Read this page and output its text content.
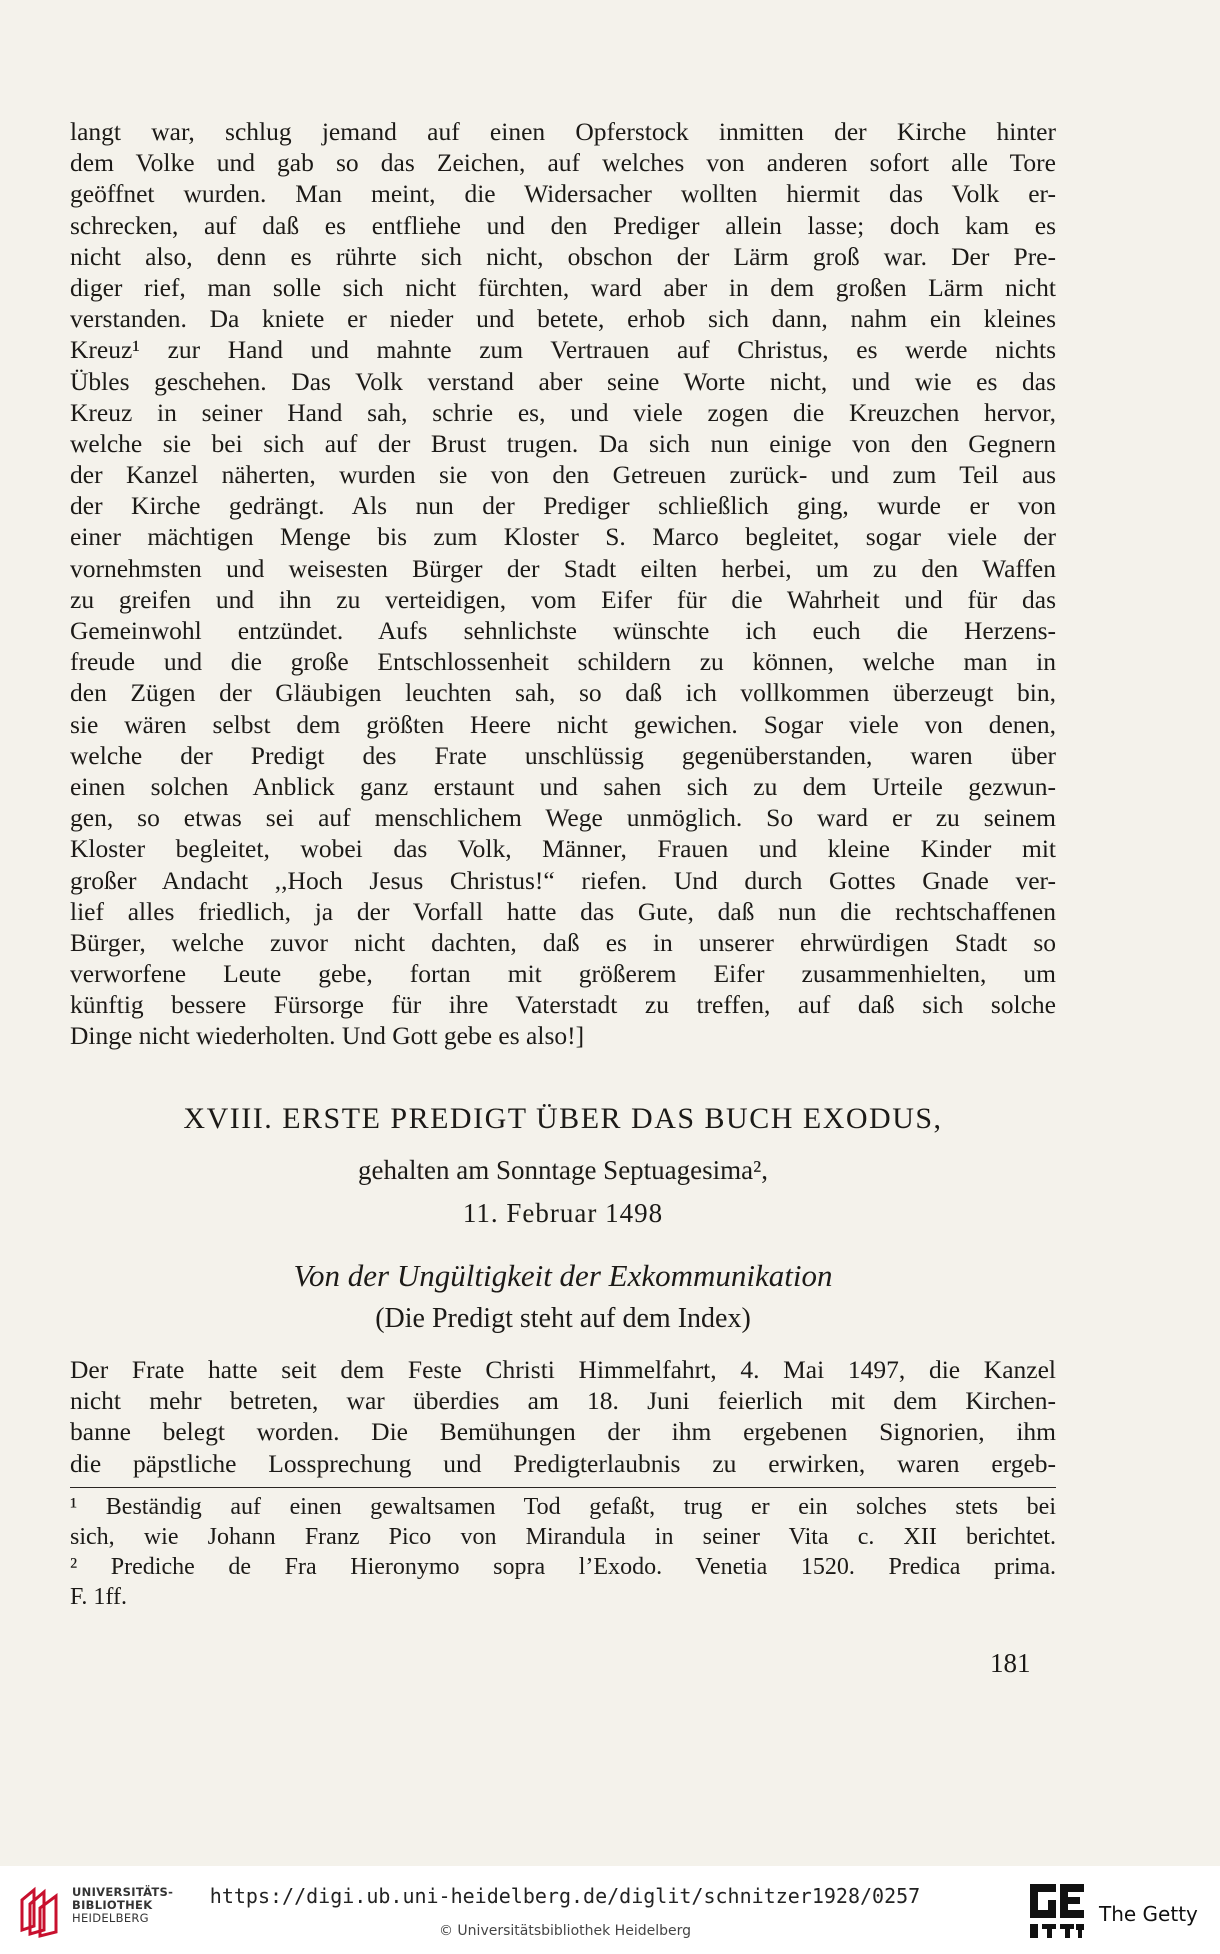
langt war, schlug jemand auf einen Opferstock inmitten der Kirche hinter
dem Volke und gab so das Zeichen, auf welches von anderen sofort alle Tore
geöffnet wurden. Man meint, die Widersacher wollten hiermit das Volk er-
schrecken, auf daß es entfliehe und den Prediger allein lasse; doch kam es
nicht also, denn es rührte sich nicht, obschon der Lärm groß war. Der Pre-
diger rief, man solle sich nicht fürchten, ward aber in dem großen Lärm nicht
verstanden. Da kniete er nieder und betete, erhob sich dann, nahm ein kleines
Kreuz¹ zur Hand und mahnte zum Vertrauen auf Christus, es werde nichts
Übles geschehen. Das Volk verstand aber seine Worte nicht, und wie es das
Kreuz in seiner Hand sah, schrie es, und viele zogen die Kreuzchen hervor,
welche sie bei sich auf der Brust trugen. Da sich nun einige von den Gegnern
der Kanzel näherten, wurden sie von den Getreuen zurück- und zum Teil aus
der Kirche gedrängt. Als nun der Prediger schließlich ging, wurde er von
einer mächtigen Menge bis zum Kloster S. Marco begleitet, sogar viele der
vornehmsten und weisesten Bürger der Stadt eilten herbei, um zu den Waffen
zu greifen und ihn zu verteidigen, vom Eifer für die Wahrheit und für das
Gemeinwohl entzündet. Aufs sehnlichste wünschte ich euch die Herzens-
freude und die große Entschlossenheit schildern zu können, welche man in
den Zügen der Gläubigen leuchten sah, so daß ich vollkommen überzeugt bin,
sie wären selbst dem größten Heere nicht gewichen. Sogar viele von denen,
welche der Predigt des Frate unschlüssig gegenüberstanden, waren über
einen solchen Anblick ganz erstaunt und sahen sich zu dem Urteile gezwun-
gen, so etwas sei auf menschlichem Wege unmöglich. So ward er zu seinem
Kloster begleitet, wobei das Volk, Männer, Frauen und kleine Kinder mit
großer Andacht ,,Hoch Jesus Christus!“ riefen. Und durch Gottes Gnade ver-
lief alles friedlich, ja der Vorfall hatte das Gute, daß nun die rechtschaffenen
Bürger, welche zuvor nicht dachten, daß es in unserer ehrwürdigen Stadt so
verworfene Leute gebe, fortan mit größerem Eifer zusammenhielten, um
künftig bessere Fürsorge für ihre Vaterstadt zu treffen, auf daß sich solche
Dinge nicht wiederholten. Und Gott gebe es also!]
XVIII. ERSTE PREDIGT ÜBER DAS BUCH EXODUS,
gehalten am Sonntage Septuagesima²,
11. Februar 1498
Von der Ungültigkeit der Exkommunikation
(Die Predigt steht auf dem Index)
Der Frate hatte seit dem Feste Christi Himmelfahrt, 4. Mai 1497, die Kanzel
nicht mehr betreten, war überdies am 18. Juni feierlich mit dem Kirchen-
banne belegt worden. Die Bemühungen der ihm ergebenen Signorien, ihm
die päpstliche Lossprechung und Predigterlaubnis zu erwirken, waren ergeb-
¹ Beständig auf einen gewaltsamen Tod gefaßt, trug er ein solches stets bei
sich, wie Johann Franz Pico von Mirandula in seiner Vita c. XII berichtet.
² Prediche de Fra Hieronymo sopra l’Exodo. Venetia 1520. Predica prima.
F. 1ff.
181
UNIVERSITÄTS-
BIBLIOTHEK
HEIDELBERG
https://digi.ub.uni-heidelberg.de/diglit/schnitzer1928/0257
© Universitätsbibliothek Heidelberg
The Getty
